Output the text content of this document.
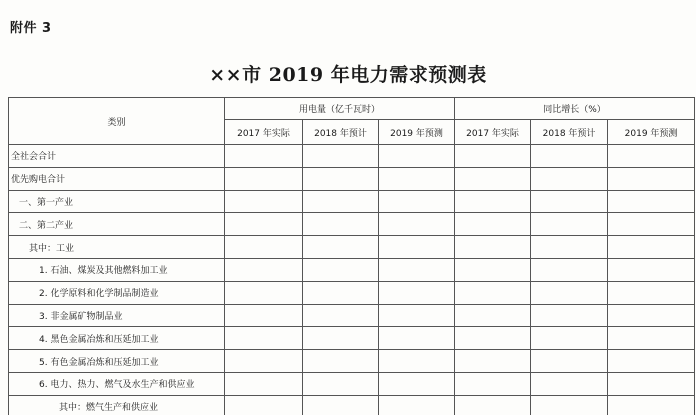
附件 3
××市 2019 年电力需求预测表
类别	用电量（亿千瓦时）			同比增长（%）		
	2017 年实际	2018 年预计	2019 年预测	2017 年实际	2018 年预计	2019 年预测
全社会合计						
优先购电合计						
一、第一产业						
二、第二产业						
其中：工业						
1. 石油、煤炭及其他燃料加工业						
2. 化学原料和化学制品制造业						
3. 非金属矿物制品业						
4. 黑色金属冶炼和压延加工业						
5. 有色金属冶炼和压延加工业						
6. 电力、热力、燃气及水生产和供应业						
其中：燃气生产和供应业						
